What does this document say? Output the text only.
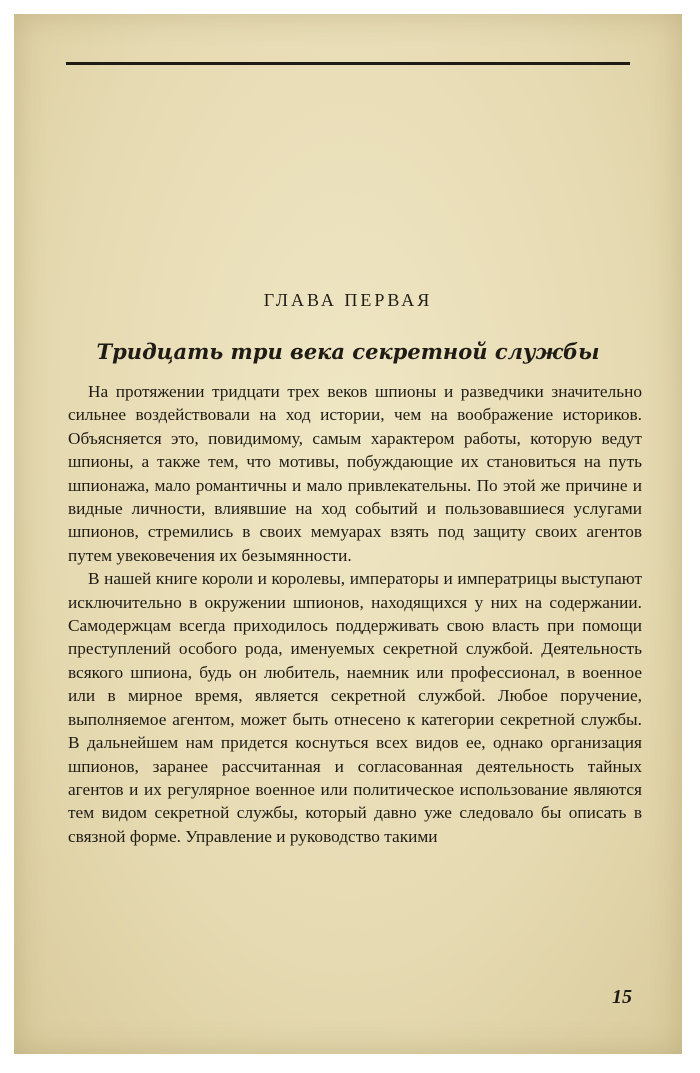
ГЛАВА ПЕРВАЯ
Тридцать три века секретной службы

На протяжении тридцати трех веков шпионы и разведчики значительно сильнее воздействовали на ход истории, чем на воображение историков. Объясняется это, повидимому, самым характером работы, которую ведут шпионы, а также тем, что мотивы, побуждающие их становиться на путь шпионажа, мало романтичны и мало привлекательны. По этой же причине и видные личности, влиявшие на ход событий и пользовавшиеся услугами шпионов, стремились в своих мемуарах взять под защиту своих агентов путем увековечения их безымянности.

В нашей книге короли и королевы, императоры и императрицы выступают исключительно в окружении шпионов, находящихся у них на содержании. Самодержцам всегда приходилось поддерживать свою власть при помощи преступлений особого рода, именуемых секретной службой. Деятельность всякого шпиона, будь он любитель, наемник или профессионал, в военное или в мирное время, является секретной службой. Любое поручение, выполняемое агентом, может быть отнесено к категории секретной службы. В дальнейшем нам придется коснуться всех видов ее, однако организация шпионов, заранее рассчитанная и согласованная деятельность тайных агентов и их регулярное военное или политическое использование являются тем видом секретной службы, который давно уже следовало бы описать в связной форме. Управление и руководство такими

15
